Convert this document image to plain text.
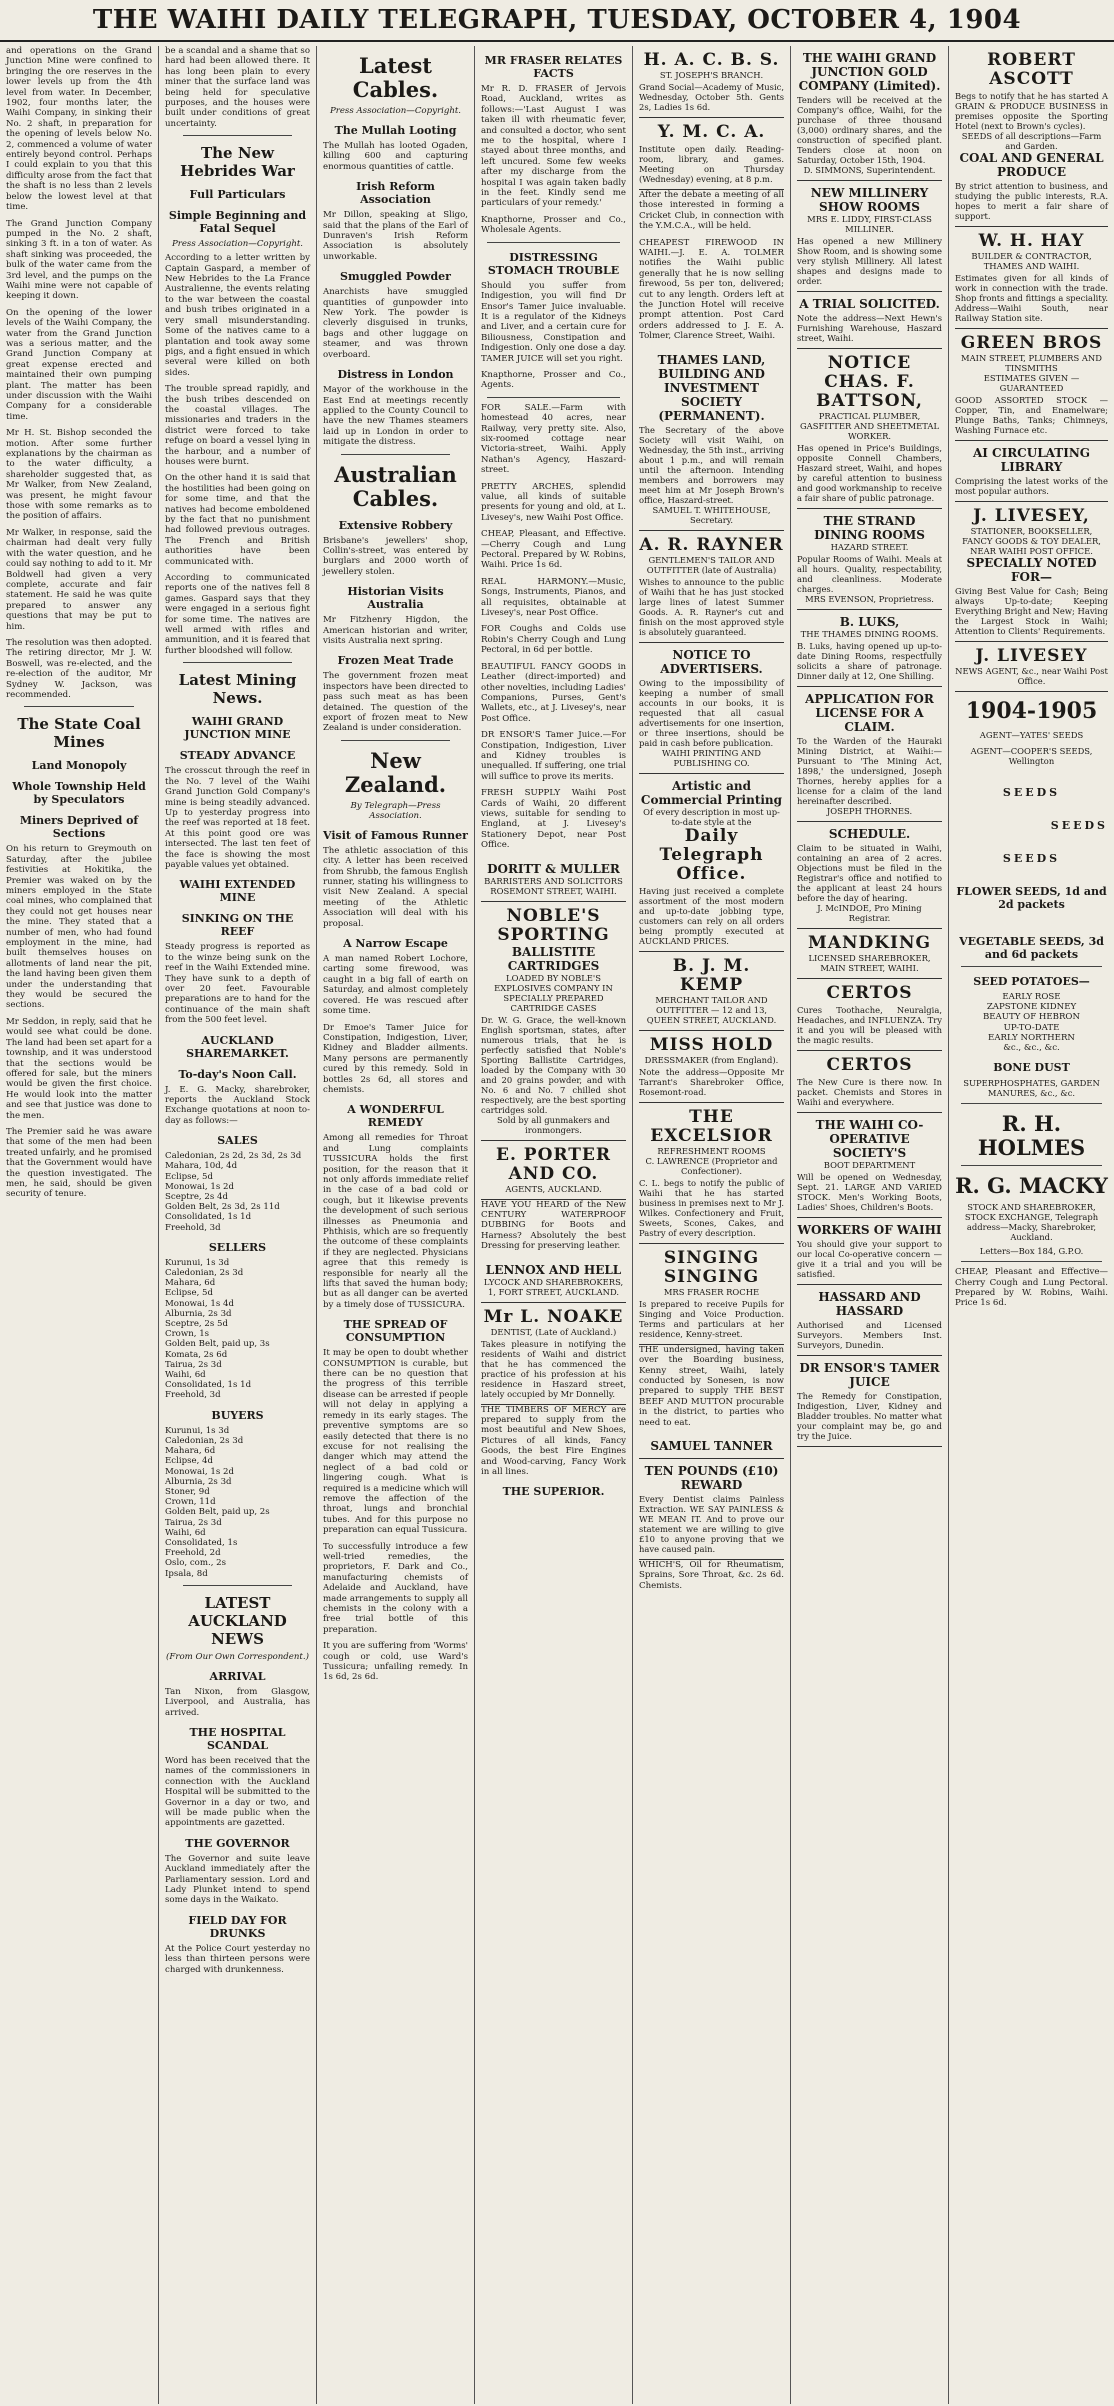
THE WAIHI DAILY TELEGRAPH, TUESDAY, OCTOBER 4, 1904

and operations on the Grand Junction Mine were confined to bringing the ore reserves in the lower levels up from the 4th level from water. In December, 1902, four months later, the Waihi Company, in sinking their No. 2 shaft, in preparation for the opening of levels below No. 2, commenced a volume of water entirely beyond control. Perhaps I could explain to you that this difficulty arose from the fact that the shaft is no less than 2 levels below the lowest level at that time.

The Grand Junction Company pumped in the No. 2 shaft, sinking 3 ft. in a ton of water. As shaft sinking was proceeded, the bulk of the water came from the 3rd level, and the pumps on the Waihi mine were not capable of keeping it down.

On the opening of the lower levels of the Waihi Company, the water from the Grand Junction was a serious matter, and the Grand Junction Company at great expense erected and maintained their own pumping plant. The matter has been under discussion with the Waihi Company for a considerable time.

Mr H. St. Bishop seconded the motion. After some further explanations by the chairman as to the water difficulty, a shareholder suggested that, as Mr Walker, from New Zealand, was present, he might favour those with some remarks as to the position of affairs.

Mr Walker, in response, said the chairman had dealt very fully with the water question, and he could say nothing to add to it. Mr Boldwell had given a very complete, accurate and fair statement. He said he was quite prepared to answer any questions that may be put to him.

The resolution was then adopted. The retiring director, Mr J. W. Boswell, was re-elected, and the re-election of the auditor, Mr Sydney W. Jackson, was recommended.

The State Coal Mines
Land Monopoly
Whole Township Held by Speculators
Miners Deprived of Sections

On his return to Greymouth on Saturday, after the jubilee festivities at Hokitika, the Premier was waked on by the miners employed in the State coal mines, who complained that they could not get houses near the mine. They stated that a number of men, who had found employment in the mine, had built themselves houses on allotments of land near the pit, the land having been given them under the understanding that they would be secured the sections.

Mr Seddon, in reply, said that he would see what could be done. The land had been set apart for a township, and it was understood that the sections would be offered for sale, but the miners would be given the first choice. He would look into the matter and see that justice was done to the men.

The Premier said he was aware that some of the men had been treated unfairly, and he promised that the Government would have the question investigated. The men, he said, should be given security of tenure.

be a scandal and a shame that so hard had been allowed there. It has long been plain to every miner that the surface land was being held for speculative purposes, and the houses were built under conditions of great uncertainty.

The New Hebrides War
Full Particulars
Simple Beginning and Fatal Sequel
Press Association—Copyright.

According to a letter written by Captain Gaspard, a member of New Hebrides to the La France Australienne, the events relating to the war between the coastal and bush tribes originated in a very small misunderstanding. Some of the natives came to a plantation and took away some pigs, and a fight ensued in which several were killed on both sides.

The trouble spread rapidly, and the bush tribes descended on the coastal villages. The missionaries and traders in the district were forced to take refuge on board a vessel lying in the harbour, and a number of houses were burnt.

On the other hand it is said that the hostilities had been going on for some time, and that the natives had become emboldened by the fact that no punishment had followed previous outrages. The French and British authorities have been communicated with.

According to communicated reports one of the natives fell 8 games. Gaspard says that they were engaged in a serious fight for some time. The natives are well armed with rifles and ammunition, and it is feared that further bloodshed will follow.

Latest Mining News.
WAIHI GRAND JUNCTION MINE
STEADY ADVANCE

The crosscut through the reef in the No. 7 level of the Waihi Grand Junction Gold Company's mine is being steadily advanced. Up to yesterday progress into the reef was reported at 18 feet. At this point good ore was intersected. The last ten feet of the face is showing the most payable values yet obtained.

WAIHI EXTENDED MINE
SINKING ON THE REEF

Steady progress is reported as to the winze being sunk on the reef in the Waihi Extended mine. They have sunk to a depth of over 20 feet. Favourable preparations are to hand for the continuance of the main shaft from the 500 feet level.

AUCKLAND SHAREMARKET.
To-day's Noon Call.

J. E. G. Macky, sharebroker, reports the Auckland Stock Exchange quotations at noon to-day as follows:—

SALES
Caledonian, 2s 2d, 2s 3d, 2s 3d
Mahara, 10d, 4d
Eclipse, 5d
Monowai, 1s 2d
Sceptre, 2s 4d
Golden Belt, 2s 3d, 2s 11d
Consolidated, 1s 1d
Freehold, 3d
SELLERS
Kurunui, 1s 3d
Caledonian, 2s 3d
Mahara, 6d
Eclipse, 5d
Monowai, 1s 4d
Alburnia, 2s 3d
Sceptre, 2s 5d
Crown, 1s
Golden Belt, paid up, 3s
Komata, 2s 6d
Tairua, 2s 3d
Waihi, 6d
Consolidated, 1s 1d
Freehold, 3d
BUYERS
Kurunui, 1s 3d
Caledonian, 2s 3d
Mahara, 6d
Eclipse, 4d
Monowai, 1s 2d
Alburnia, 2s 3d
Stoner, 9d
Crown, 11d
Golden Belt, paid up, 2s
Tairua, 2s 3d
Waihi, 6d
Consolidated, 1s
Freehold, 2d
Oslo, com., 2s
Ipsala, 8d
LATEST AUCKLAND NEWS
(From Our Own Correspondent.)
ARRIVAL

Tan Nixon, from Glasgow, Liverpool, and Australia, has arrived.

THE HOSPITAL SCANDAL

Word has been received that the names of the commissioners in connection with the Auckland Hospital will be submitted to the Governor in a day or two, and will be made public when the appointments are gazetted.

THE GOVERNOR

The Governor and suite leave Auckland immediately after the Parliamentary session. Lord and Lady Plunket intend to spend some days in the Waikato.

FIELD DAY FOR DRUNKS

At the Police Court yesterday no less than thirteen persons were charged with drunkenness.

Latest Cables.
Press Association—Copyright.
The Mullah Looting

The Mullah has looted Ogaden, killing 600 and capturing enormous quantities of cattle.

Irish Reform Association

Mr Dillon, speaking at Sligo, said that the plans of the Earl of Dunraven's Irish Reform Association is absolutely unworkable.

Smuggled Powder

Anarchists have smuggled quantities of gunpowder into New York. The powder is cleverly disguised in trunks, bags and other luggage on steamer, and was thrown overboard.

Distress in London

Mayor of the workhouse in the East End at meetings recently applied to the County Council to have the new Thames steamers laid up in London in order to mitigate the distress.

Australian Cables.
Extensive Robbery

Brisbane's jewellers' shop, Collin's-street, was entered by burglars and 2000 worth of jewellery stolen.

Historian Visits Australia

Mr Fitzhenry Higdon, the American historian and writer, visits Australia next spring.

Frozen Meat Trade

The government frozen meat inspectors have been directed to pass such meat as has been detained. The question of the export of frozen meat to New Zealand is under consideration.

New Zealand.
By Telegraph—Press Association.
Visit of Famous Runner

The athletic association of this city. A letter has been received from Shrubb, the famous English runner, stating his willingness to visit New Zealand. A special meeting of the Athletic Association will deal with his proposal.

A Narrow Escape

A man named Robert Lochore, carting some firewood, was caught in a big fall of earth on Saturday, and almost completely covered. He was rescued after some time.

Dr Emoe's Tamer Juice for Constipation, Indigestion, Liver, Kidney and Bladder ailments. Many persons are permanently cured by this remedy. Sold in bottles 2s 6d, all stores and chemists.

A WONDERFUL REMEDY

Among all remedies for Throat and Lung complaints TUSSICURA holds the first position, for the reason that it not only affords immediate relief in the case of a bad cold or cough, but it likewise prevents the development of such serious illnesses as Pneumonia and Phthisis, which are so frequently the outcome of these complaints if they are neglected. Physicians agree that this remedy is responsible for nearly all the lifts that saved the human body; but as all danger can be averted by a timely dose of TUSSICURA.

THE SPREAD OF CONSUMPTION

It may be open to doubt whether CONSUMPTION is curable, but there can be no question that the progress of this terrible disease can be arrested if people will not delay in applying a remedy in its early stages. The preventive symptoms are so easily detected that there is no excuse for not realising the danger which may attend the neglect of a bad cold or lingering cough. What is required is a medicine which will remove the affection of the throat, lungs and bronchial tubes. And for this purpose no preparation can equal Tussicura.

To successfully introduce a few well-tried remedies, the proprietors, F. Dark and Co., manufacturing chemists of Adelaide and Auckland, have made arrangements to supply all chemists in the colony with a free trial bottle of this preparation.

It you are suffering from 'Worms' cough or cold, use Ward's Tussicura; unfailing remedy. In 1s 6d, 2s 6d.

MR FRASER RELATES FACTS

Mr R. D. FRASER of Jervois Road, Auckland, writes as follows:—'Last August I was taken ill with rheumatic fever, and consulted a doctor, who sent me to the hospital, where I stayed about three months, and left uncured. Some few weeks after my discharge from the hospital I was again taken badly in the feet. Kindly send me particulars of your remedy.'

Knapthorne, Prosser and Co., Wholesale Agents.

DISTRESSING STOMACH TROUBLE

Should you suffer from Indigestion, you will find Dr Ensor's Tamer Juice invaluable. It is a regulator of the Kidneys and Liver, and a certain cure for Biliousness, Constipation and Indigestion. Only one dose a day. TAMER JUICE will set you right.

Knapthorne, Prosser and Co., Agents.

FOR SALE.—Farm with homestead 40 acres, near Railway, very pretty site. Also, six-roomed cottage near Victoria-street, Waihi. Apply Nathan's Agency, Haszard-street.

PRETTY ARCHES, splendid value, all kinds of suitable presents for young and old, at L. Livesey's, new Waihi Post Office.

CHEAP, Pleasant, and Effective.—Cherry Cough and Lung Pectoral. Prepared by W. Robins, Waihi. Price 1s 6d.

REAL HARMONY.—Music, Songs, Instruments, Pianos, and all requisites, obtainable at Livesey's, near Post Office.

FOR Coughs and Colds use Robin's Cherry Cough and Lung Pectoral, in 6d per bottle.

BEAUTIFUL FANCY GOODS in Leather (direct-imported) and other novelties, including Ladies' Companions, Purses, Gent's Wallets, etc., at J. Livesey's, near Post Office.

DR ENSOR'S Tamer Juice.—For Constipation, Indigestion, Liver and Kidney troubles is unequalled. If suffering, one trial will suffice to prove its merits.

FRESH SUPPLY Waihi Post Cards of Waihi, 20 different views, suitable for sending to England, at J. Livesey's Stationery Depot, near Post Office.

DORITT & MULLER
BARRISTERS AND SOLICITORS
ROSEMONT STREET, WAIHI.
NOBLE'S SPORTING
BALLISTITE CARTRIDGES
LOADED BY NOBLE'S EXPLOSIVES COMPANY IN SPECIALLY PREPARED CARTRIDGE CASES
Dr. W. G. Grace, the well-known English sportsman, states, after numerous trials, that he is perfectly satisfied that Noble's Sporting Ballistite Cartridges, loaded by the Company with 30 and 20 grains powder, and with No. 6 and No. 7 chilled shot respectively, are the best sporting cartridges sold.
Sold by all gunmakers and ironmongers.
E. PORTER AND CO.
AGENTS, AUCKLAND.

HAVE YOU HEARD of the New CENTURY WATERPROOF DUBBING for Boots and Harness? Absolutely the best Dressing for preserving leather.

LENNOX AND HELL
LYCOCK AND SHAREBROKERS, 1, FORT STREET, AUCKLAND.
Mr L. NOAKE
DENTIST, (Late of Auckland.)
Takes pleasure in notifying the residents of Waihi and district that he has commenced the practice of his profession at his residence in Haszard street, lately occupied by Mr Donnelly.

THE TIMBERS OF MERCY are prepared to supply from the most beautiful and New Shoes, Pictures of all kinds, Fancy Goods, the best Fire Engines and Wood-carving, Fancy Work in all lines.

THE SUPERIOR.
H. A. C. B. S.
ST. JOSEPH'S BRANCH.
Grand Social—Academy of Music, Wednesday, October 5th. Gents 2s, Ladies 1s 6d.
Y. M. C. A.
Institute open daily. Reading-room, library, and games. Meeting on Thursday (Wednesday) evening, at 8 p.m.

After the debate a meeting of all those interested in forming a Cricket Club, in connection with the Y.M.C.A., will be held.

CHEAPEST FIREWOOD IN WAIHI.—J. E. A. TOLMER notifies the Waihi public generally that he is now selling firewood, 5s per ton, delivered; cut to any length. Orders left at the Junction Hotel will receive prompt attention. Post Card orders addressed to J. E. A. Tolmer, Clarence Street, Waihi.

THAMES LAND, BUILDING AND INVESTMENT SOCIETY (PERMANENT).
The Secretary of the above Society will visit Waihi, on Wednesday, the 5th inst., arriving about 1 p.m., and will remain until the afternoon. Intending members and borrowers may meet him at Mr Joseph Brown's office, Haszard-street.
SAMUEL T. WHITEHOUSE, Secretary.
A. R. RAYNER
GENTLEMEN'S TAILOR AND OUTFITTER (late of Australia)
Wishes to announce to the public of Waihi that he has just stocked large lines of latest Summer Goods. A. R. Rayner's cut and finish on the most approved style is absolutely guaranteed.
NOTICE TO ADVERTISERS.
Owing to the impossibility of keeping a number of small accounts in our books, it is requested that all casual advertisements for one insertion, or three insertions, should be paid in cash before publication.
WAIHI PRINTING AND PUBLISHING CO.
Artistic and Commercial Printing
Of every description in most up-to-date style at the
Daily Telegraph Office.
Having just received a complete assortment of the most modern and up-to-date jobbing type, customers can rely on all orders being promptly executed at AUCKLAND PRICES.
B. J. M. KEMP
MERCHANT TAILOR AND OUTFITTER — 12 and 13, QUEEN STREET, AUCKLAND.
MISS HOLD
DRESSMAKER (from England).
Note the address—Opposite Mr Tarrant's Sharebroker Office, Rosemont-road.
THE EXCELSIOR
REFRESHMENT ROOMS
C. LAWRENCE (Proprietor and Confectioner).
C. L. begs to notify the public of Waihi that he has started business in premises next to Mr J. Wilkes. Confectionery and Fruit, Sweets, Scones, Cakes, and Pastry of every description.
SINGING SINGING
MRS FRASER ROCHE
Is prepared to receive Pupils for Singing and Voice Production. Terms and particulars at her residence, Kenny-street.

THE undersigned, having taken over the Boarding business, Kenny street, Waihi, lately conducted by Sonesen, is now prepared to supply THE BEST BEEF AND MUTTON procurable in the district, to parties who need to eat.

SAMUEL TANNER
TEN POUNDS (£10) REWARD
Every Dentist claims Painless Extraction. WE SAY PAINLESS & WE MEAN IT. And to prove our statement we are willing to give £10 to anyone proving that we have caused pain.

WHICH'S, Oil for Rheumatism, Sprains, Sore Throat, &c. 2s 6d. Chemists.

THE WAIHI GRAND JUNCTION GOLD COMPANY (Limited).
Tenders will be received at the Company's office, Waihi, for the purchase of three thousand (3,000) ordinary shares, and the construction of specified plant. Tenders close at noon on Saturday, October 15th, 1904.
D. SIMMONS, Superintendent.
NEW MILLINERY SHOW ROOMS
MRS E. LIDDY, FIRST-CLASS MILLINER.
Has opened a new Millinery Show Room, and is showing some very stylish Millinery. All latest shapes and designs made to order.
A TRIAL SOLICITED.
Note the address—Next Hewn's Furnishing Warehouse, Haszard street, Waihi.
NOTICE
CHAS. F. BATTSON,
PRACTICAL PLUMBER, GASFITTER AND SHEETMETAL WORKER.
Has opened in Price's Buildings, opposite Connell Chambers, Haszard street, Waihi, and hopes by careful attention to business and good workmanship to receive a fair share of public patronage.
THE STRAND DINING ROOMS
HAZARD STREET.
Popular Rooms of Waihi. Meals at all hours. Quality, respectability, and cleanliness. Moderate charges.
MRS EVENSON, Proprietress.
B. LUKS,
THE THAMES DINING ROOMS.
B. Luks, having opened up up-to-date Dining Rooms, respectfully solicits a share of patronage. Dinner daily at 12, One Shilling.
APPLICATION FOR LICENSE FOR A CLAIM.
To the Warden of the Hauraki Mining District, at Waihi:— Pursuant to 'The Mining Act, 1898,' the undersigned, Joseph Thornes, hereby applies for a license for a claim of the land hereinafter described.
JOSEPH THORNES.
SCHEDULE.
Claim to be situated in Waihi, containing an area of 2 acres. Objections must be filed in the Registrar's office and notified to the applicant at least 24 hours before the day of hearing.
J. McINDOE, Pro Mining Registrar.
MANDKING
LICENSED SHAREBROKER, MAIN STREET, WAIHI.
CERTOS
Cures Toothache, Neuralgia, Headaches, and INFLUENZA. Try it and you will be pleased with the magic results.
CERTOS
The New Cure is there now. In packet. Chemists and Stores in Waihi and everywhere.
THE WAIHI CO-OPERATIVE SOCIETY'S
BOOT DEPARTMENT
Will be opened on Wednesday, Sept. 21. LARGE AND VARIED STOCK. Men's Working Boots, Ladies' Shoes, Children's Boots.
WORKERS OF WAIHI
You should give your support to our local Co-operative concern — give it a trial and you will be satisfied.
HASSARD AND HASSARD
Authorised and Licensed Surveyors. Members Inst. Surveyors, Dunedin.
DR ENSOR'S TAMER JUICE
The Remedy for Constipation, Indigestion, Liver, Kidney and Bladder troubles. No matter what your complaint may be, go and try the Juice.
ROBERT ASCOTT
Begs to notify that he has started A GRAIN & PRODUCE BUSINESS in premises opposite the Sporting Hotel (next to Brown's cycles).
SEEDS of all descriptions—Farm and Garden.
COAL AND GENERAL PRODUCE
By strict attention to business, and studying the public interests, R.A. hopes to merit a fair share of support.
W. H. HAY
BUILDER & CONTRACTOR, THAMES AND WAIHI.
Estimates given for all kinds of work in connection with the trade. Shop fronts and fittings a speciality. Address—Waihi South, near Railway Station site.
GREEN BROS
MAIN STREET, PLUMBERS AND TINSMITHS
ESTIMATES GIVEN — GUARANTEED
GOOD ASSORTED STOCK — Copper, Tin, and Enamelware; Plunge Baths, Tanks; Chimneys, Washing Furnace etc.
AI CIRCULATING LIBRARY
Comprising the latest works of the most popular authors.
J. LIVESEY,
STATIONER, BOOKSELLER, FANCY GOODS & TOY DEALER, NEAR WAIHI POST OFFICE.
SPECIALLY NOTED FOR—
Giving Best Value for Cash; Being always Up-to-date; Keeping Everything Bright and New; Having the Largest Stock in Waihi; Attention to Clients' Requirements.
J. LIVESEY
NEWS AGENT, &c., near Waihi Post Office.
1904-1905
AGENT—YATES' SEEDS
AGENT—COOPER'S SEEDS, Wellington
SEEDS
SEEDS
SEEDS
FLOWER SEEDS, 1d and 2d packets
VEGETABLE SEEDS, 3d and 6d packets
SEED POTATOES—
EARLY ROSE
ZAPSTONE KIDNEY
BEAUTY OF HEBRON
UP-TO-DATE
EARLY NORTHERN
&c., &c., &c.
BONE DUST
SUPERPHOSPHATES, GARDEN MANURES, &c., &c.
R. H. HOLMES
R. G. MACKY
STOCK AND SHAREBROKER, STOCK EXCHANGE, Telegraph address—Macky, Sharebroker, Auckland.
Letters—Box 184, G.P.O.

CHEAP, Pleasant and Effective—Cherry Cough and Lung Pectoral. Prepared by W. Robins, Waihi. Price 1s 6d.
